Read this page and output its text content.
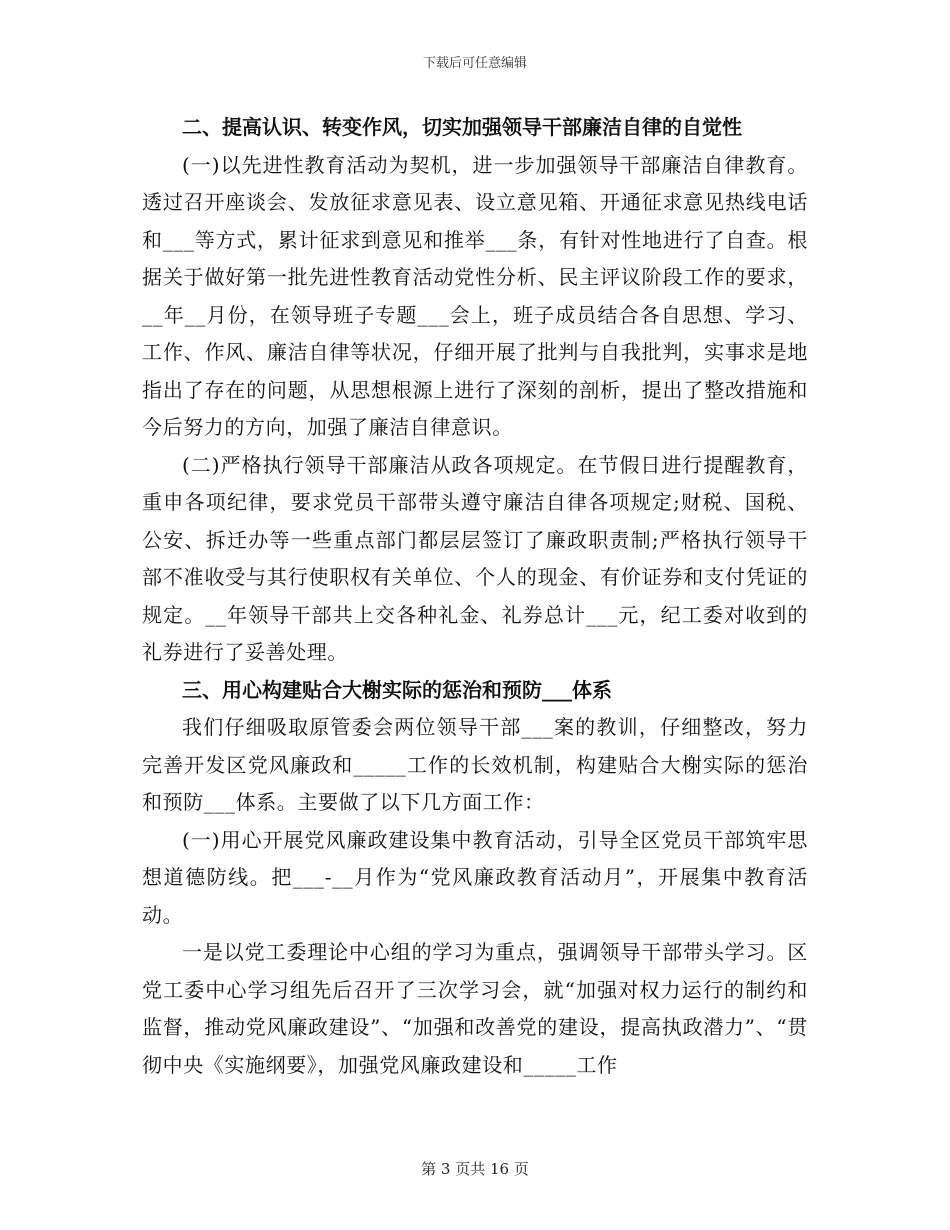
下载后可任意编辑

二、提高认识、转变作风，切实加强领导干部廉洁自律的自觉性

(一)以先进性教育活动为契机，进一步加强领导干部廉洁自律教育。透过召开座谈会、发放征求意见表、设立意见箱、开通征求意见热线电话和___等方式，累计征求到意见和推举___条，有针对性地进行了自查。根据关于做好第一批先进性教育活动党性分析、民主评议阶段工作的要求，__年__月份，在领导班子专题___会上，班子成员结合各自思想、学习、工作、作风、廉洁自律等状况，仔细开展了批判与自我批判，实事求是地指出了存在的问题，从思想根源上进行了深刻的剖析，提出了整改措施和今后努力的方向，加强了廉洁自律意识。

(二)严格执行领导干部廉洁从政各项规定。在节假日进行提醒教育，重申各项纪律，要求党员干部带头遵守廉洁自律各项规定;财税、国税、公安、拆迁办等一些重点部门都层层签订了廉政职责制;严格执行领导干部不准收受与其行使职权有关单位、个人的现金、有价证券和支付凭证的规定。__年领导干部共上交各种礼金、礼券总计___元，纪工委对收到的礼券进行了妥善处理。

三、用心构建贴合大榭实际的惩治和预防___体系

我们仔细吸取原管委会两位领导干部___案的教训，仔细整改，努力完善开发区党风廉政和_____工作的长效机制，构建贴合大榭实际的惩治和预防___体系。主要做了以下几方面工作：

(一)用心开展党风廉政建设集中教育活动，引导全区党员干部筑牢思想道德防线。把___-__月作为“党风廉政教育活动月”，开展集中教育活动。

一是以党工委理论中心组的学习为重点，强调领导干部带头学习。区党工委中心学习组先后召开了三次学习会，就“加强对权力运行的制约和监督，推动党风廉政建设”、“加强和改善党的建设，提高执政潜力”、“贯彻中央《实施纲要》，加强党风廉政建设和_____工作

第 3 页共 16 页
